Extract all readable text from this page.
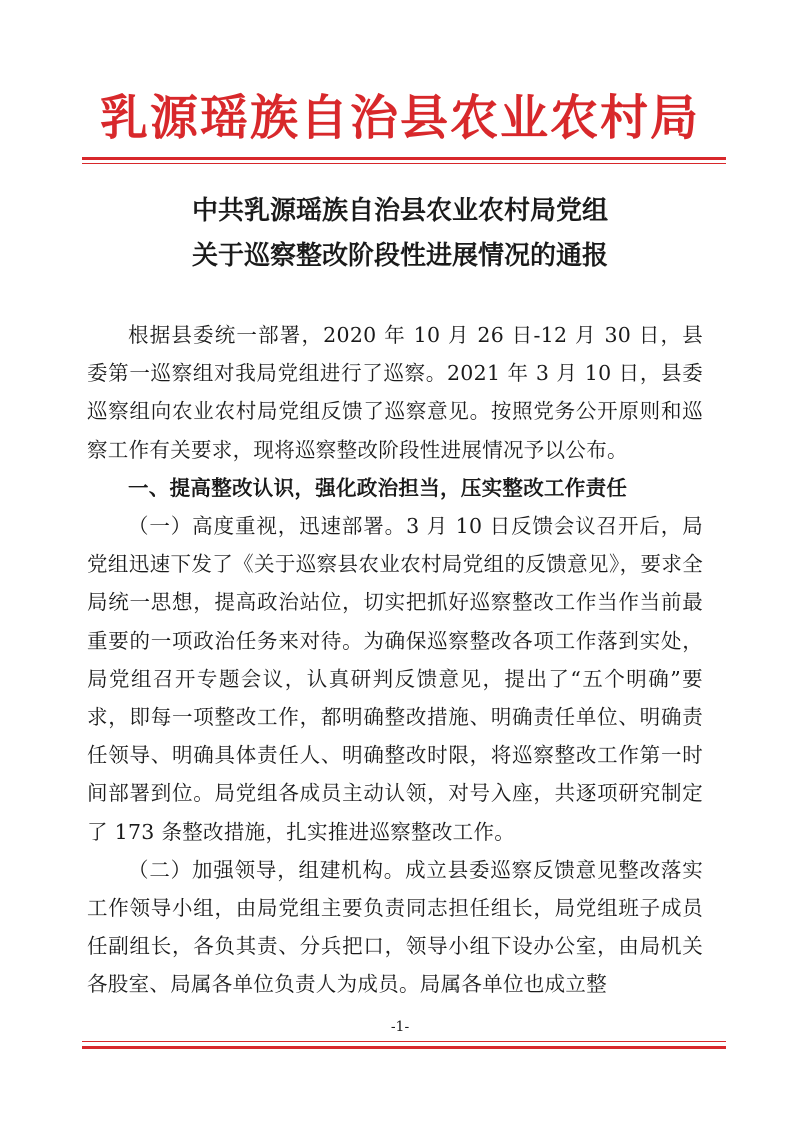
乳源瑶族自治县农业农村局
中共乳源瑶族自治县农业农村局党组
关于巡察整改阶段性进展情况的通报

根据县委统一部署，2020 年 10 月 26 日-12 月 30 日，县委第一巡察组对我局党组进行了巡察。2021 年 3 月 10 日，县委巡察组向农业农村局党组反馈了巡察意见。按照党务公开原则和巡察工作有关要求，现将巡察整改阶段性进展情况予以公布。

一、提高整改认识，强化政治担当，压实整改工作责任

（一）高度重视，迅速部署。3 月 10 日反馈会议召开后，局党组迅速下发了《关于巡察县农业农村局党组的反馈意见》，要求全局统一思想，提高政治站位，切实把抓好巡察整改工作当作当前最重要的一项政治任务来对待。为确保巡察整改各项工作落到实处，局党组召开专题会议，认真研判反馈意见，提出了“五个明确”要求，即每一项整改工作，都明确整改措施、明确责任单位、明确责任领导、明确具体责任人、明确整改时限，将巡察整改工作第一时间部署到位。局党组各成员主动认领，对号入座，共逐项研究制定了 173 条整改措施，扎实推进巡察整改工作。

（二）加强领导，组建机构。成立县委巡察反馈意见整改落实工作领导小组，由局党组主要负责同志担任组长，局党组班子成员任副组长，各负其责、分兵把口，领导小组下设办公室，由局机关各股室、局属各单位负责人为成员。局属各单位也成立整

-1-
